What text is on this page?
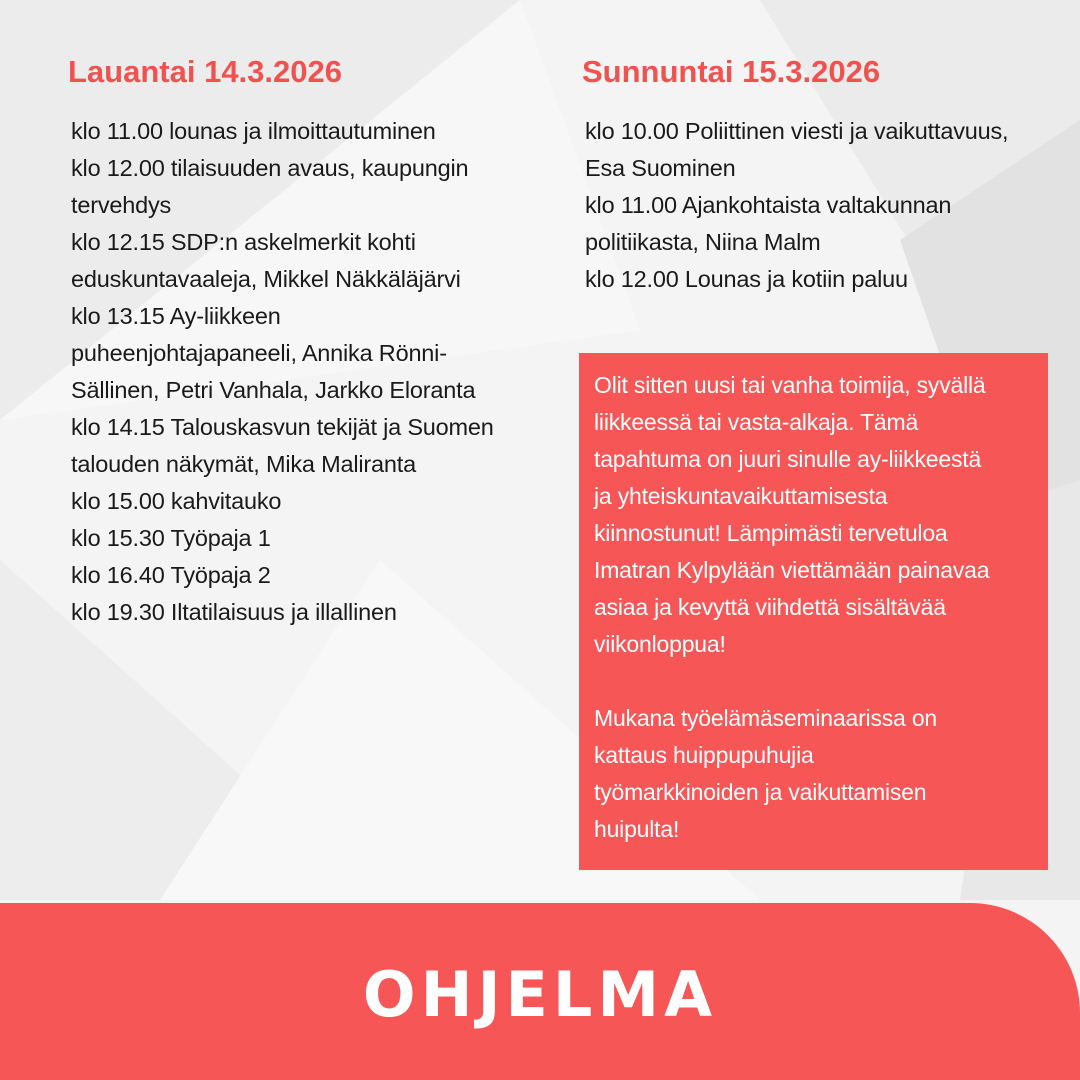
Lauantai 14.3.2026
klo 11.00 lounas ja ilmoittautuminen
klo 12.00 tilaisuuden avaus, kaupungin
tervehdys
klo 12.15 SDP:n askelmerkit kohti
eduskuntavaaleja, Mikkel Näkkäläjärvi
klo 13.15 Ay-liikkeen
puheenjohtajapaneeli, Annika Rönni-
Sällinen, Petri Vanhala, Jarkko Eloranta
klo 14.15 Talouskasvun tekijät ja Suomen
talouden näkymät, Mika Maliranta
klo 15.00 kahvitauko
klo 15.30 Työpaja 1
klo 16.40 Työpaja 2
klo 19.30 Iltatilaisuus ja illallinen
Sunnuntai 15.3.2026
klo 10.00 Poliittinen viesti ja vaikuttavuus,
Esa Suominen
klo 11.00 Ajankohtaista valtakunnan
politiikasta, Niina Malm
klo 12.00 Lounas ja kotiin paluu

Olit sitten uusi tai vanha toimija, syvällä
liikkeessä tai vasta-alkaja. Tämä
tapahtuma on juuri sinulle ay-liikkeestä
ja yhteiskuntavaikuttamisesta
kiinnostunut! Lämpimästi tervetuloa
Imatran Kylpylään viettämään painavaa
asiaa ja kevyttä viihdettä sisältävää
viikonloppua!

Mukana työelämäseminaarissa on
kattaus huippupuhujia
työmarkkinoiden ja vaikuttamisen
huipulta!

OHJELMA
